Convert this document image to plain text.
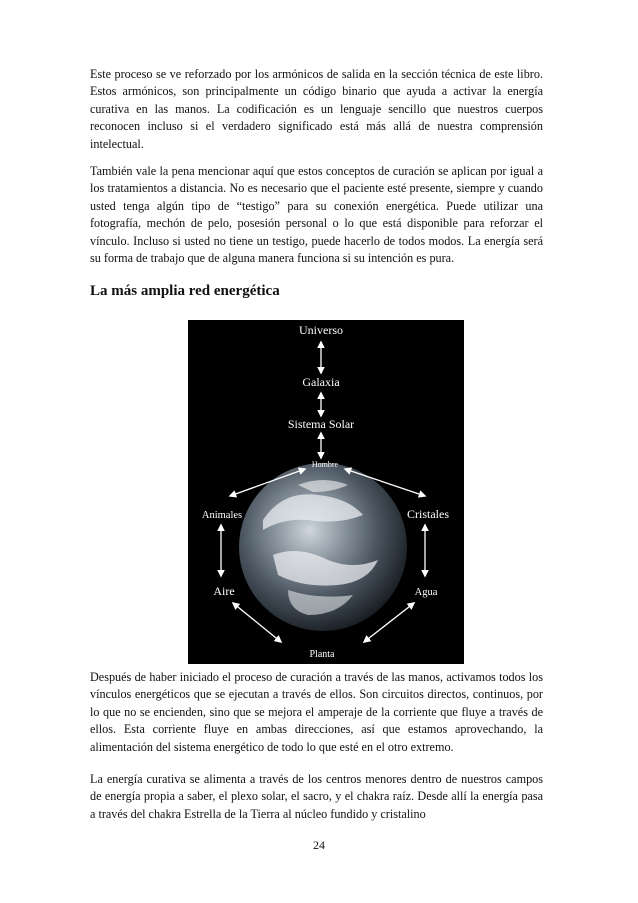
Este proceso se ve reforzado por los armónicos de salida en la sección técnica de este libro. Estos armónicos, son principalmente un código binario que ayuda a activar la energía curativa en las manos. La codificación es un lenguaje sencillo que nuestros cuerpos reconocen incluso si el verdadero significado está más allá de nuestra comprensión intelectual.

También vale la pena mencionar aquí que estos conceptos de curación se aplican por igual a los tratamientos a distancia. No es necesario que el paciente esté presente, siempre y cuando usted tenga algún tipo de “testigo” para su conexión energética. Puede utilizar una fotografía, mechón de pelo, posesión personal o lo que está disponible para reforzar el vínculo. Incluso si usted no tiene un testigo, puede hacerlo de todos modos. La energía será su forma de trabajo que de alguna manera funciona si su intención es pura.

La más amplia red energética
Universo
Galaxia
Sistema Solar
Hombre
Animales	Cristales
Aire	Agua
Planta

Después de haber iniciado el proceso de curación a través de las manos, activamos todos los vínculos energéticos que se ejecutan a través de ellos. Son circuitos directos, continuos, por lo que no se encienden, sino que se mejora el amperaje de la corriente que fluye a través de ellos. Esta corriente fluye en ambas direcciones, así que estamos aprovechando, la alimentación del sistema energético de todo lo que esté en el otro extremo.

La energía curativa se alimenta a través de los centros menores dentro de nuestros campos de energía propia a saber, el plexo solar, el sacro, y el chakra raíz. Desde allí la energía pasa a través del chakra Estrella de la Tierra al núcleo fundido y cristalino

24
